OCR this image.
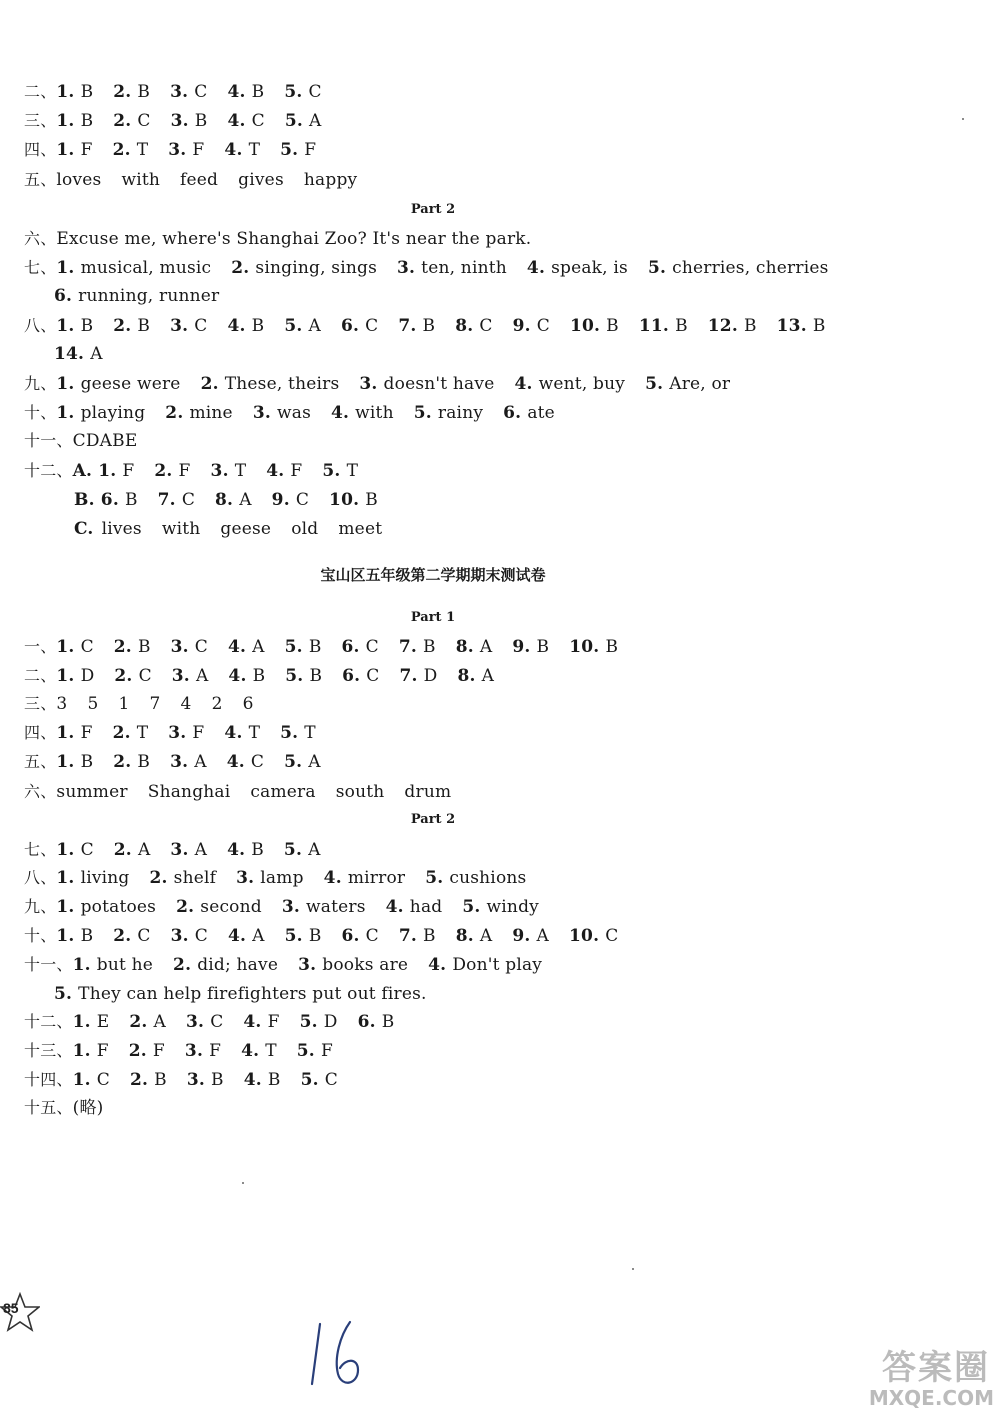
二、1. B 2. B 3. C 4. B 5. C
三、1. B 2. C 3. B 4. C 5. A
四、1. F 2. T 3. F 4. T 5. F
五、loves with feed gives happy
Part 2
六、Excuse me, where's Shanghai Zoo? It's near the park.
七、1. musical, music 2. singing, sings 3. ten, ninth 4. speak, is 5. cherries, cherries
6. running, runner
八、1. B 2. B 3. C 4. B 5. A 6. C 7. B 8. C 9. C 10. B 11. B 12. B 13. B
14. A
九、1. geese were 2. These, theirs 3. doesn't have 4. went, buy 5. Are, or
十、1. playing 2. mine 3. was 4. with 5. rainy 6. ate
十一、CDABE
十二、A. 1. F 2. F 3. T 4. F 5. T
B. 6. B 7. C 8. A 9. C 10. B
C. lives with geese old meet
宝山区五年级第二学期期末测试卷
Part 1
一、1. C 2. B 3. C 4. A 5. B 6. C 7. B 8. A 9. B 10. B
二、1. D 2. C 3. A 4. B 5. B 6. C 7. D 8. A
三、3 5 1 7 4 2 6
四、1. F 2. T 3. F 4. T 5. T
五、1. B 2. B 3. A 4. C 5. A
六、summer Shanghai camera south drum
Part 2
七、1. C 2. A 3. A 4. B 5. A
八、1. living 2. shelf 3. lamp 4. mirror 5. cushions
九、1. potatoes 2. second 3. waters 4. had 5. windy
十、1. B 2. C 3. C 4. A 5. B 6. C 7. B 8. A 9. A 10. C
十一、1. but he 2. did; have 3. books are 4. Don't play
5. They can help firefighters put out fires.
十二、1. E 2. A 3. C 4. F 5. D 6. B
十三、1. F 2. F 3. F 4. T 5. F
十四、1. C 2. B 3. B 4. B 5. C
十五、(略)
85
答案圈
MXQE.COM
